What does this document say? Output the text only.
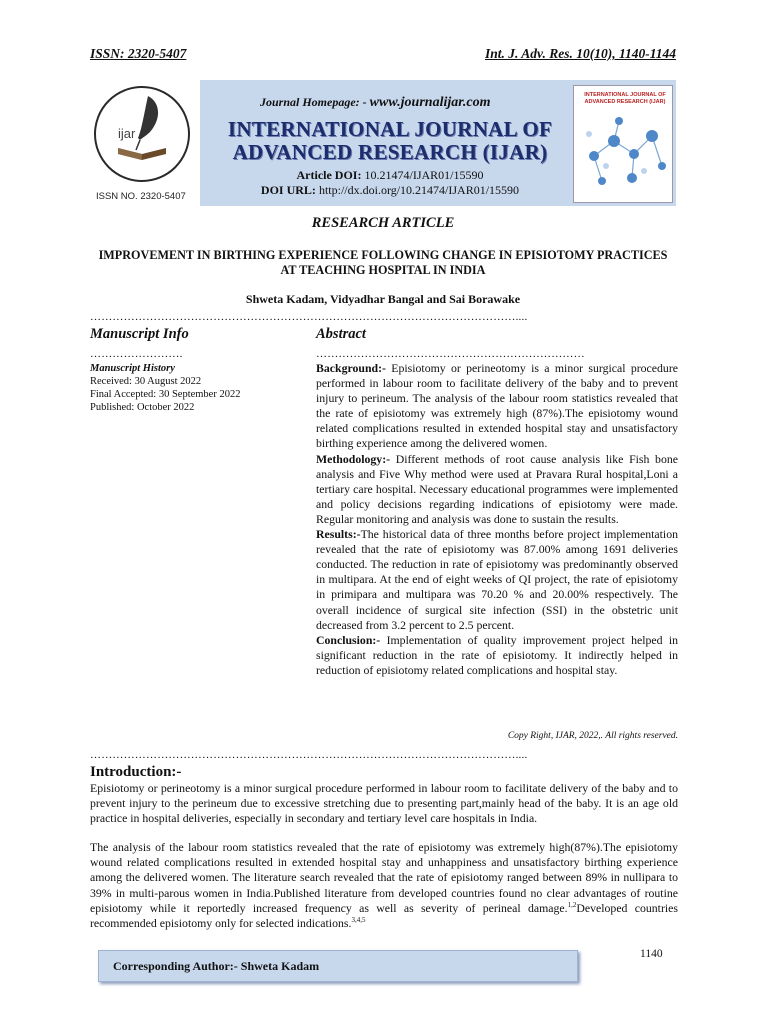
ISSN: 2320-5407	Int. J. Adv. Res. 10(10), 1140-1144
ijar
ISSN NO. 2320-5407
Journal Homepage: - www.journalijar.com
INTERNATIONAL JOURNAL OF
ADVANCED RESEARCH (IJAR)
Article DOI: 10.21474/IJAR01/15590
DOI URL: http://dx.doi.org/10.21474/IJAR01/15590
INTERNATIONAL JOURNAL OF ADVANCED RESEARCH (IJAR)
RESEARCH ARTICLE
IMPROVEMENT IN BIRTHING EXPERIENCE FOLLOWING CHANGE IN EPISIOTOMY PRACTICES
AT TEACHING HOSPITAL IN INDIA
Shweta Kadam, Vidyadhar Bangal and Sai Borawake
……………………………………………………………………………………………………....
Manuscript Info	Abstract
…………………….	………………………………………………………………
Manuscript History
Received: 30 August 2022
Final Accepted: 30 September 2022
Published: October 2022

Background:- Episiotomy or perineotomy is a minor surgical procedure performed in labour room to facilitate delivery of the baby and to prevent injury to perineum. The analysis of the labour room statistics revealed that the rate of episiotomy was extremely high (87%).The episiotomy wound related complications resulted in extended hospital stay and unsatisfactory birthing experience among the delivered women.

Methodology:- Different methods of root cause analysis like Fish bone analysis and Five Why method were used at Pravara Rural hospital,Loni a tertiary care hospital. Necessary educational programmes were implemented and policy decisions regarding indications of episiotomy were made. Regular monitoring and analysis was done to sustain the results.

Results:-The historical data of three months before project implementation revealed that the rate of episiotomy was 87.00% among 1691 deliveries conducted. The reduction in rate of episiotomy was predominantly observed in multipara. At the end of eight weeks of QI project, the rate of episiotomy in primipara and multipara was 70.20 % and 20.00% respectively. The overall incidence of surgical site infection (SSI) in the obstetric unit decreased from 3.2 percent to 2.5 percent.

Conclusion:- Implementation of quality improvement project helped in significant reduction in the rate of episiotomy. It indirectly helped in reduction of episiotomy related complications and hospital stay.

Copy Right, IJAR, 2022,. All rights reserved.
……………………………………………………………………………………………………....
Introduction:-

Episiotomy or perineotomy is a minor surgical procedure performed in labour room to facilitate delivery of the baby and to prevent injury to the perineum due to excessive stretching due to presenting part,mainly head of the baby. It is an age old practice in hospital deliveries, especially in secondary and tertiary level care hospitals in India.

The analysis of the labour room statistics revealed that the rate of episiotomy was extremely high(87%).The episiotomy wound related complications resulted in extended hospital stay and unhappiness and unsatisfactory birthing experience among the delivered women. The literature search revealed that the rate of episiotomy ranged between 89% in nullipara to 39% in multi-parous women in India.Published literature from developed countries found no clear advantages of routine episiotomy while it reportedly increased frequency as well as severity of perineal damage.$^{1,2}$Developed countries recommended episiotomy only for selected indications.$^{3,4,5}$

1140
Corresponding Author:- Shweta Kadam
